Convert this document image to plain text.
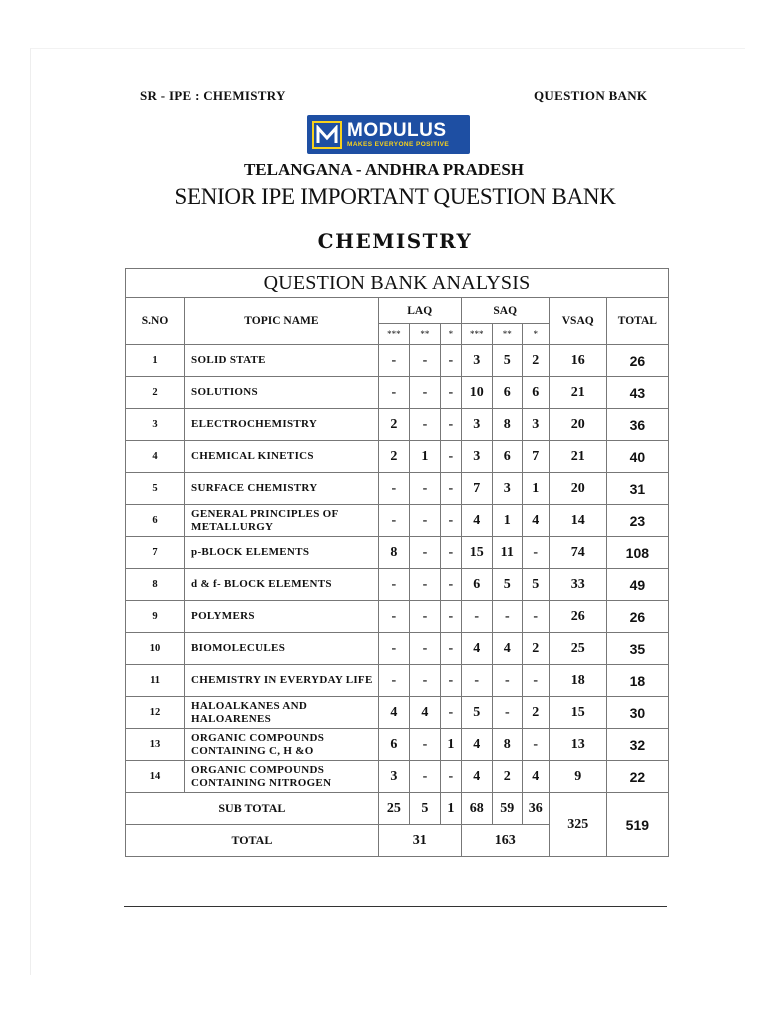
SR - IPE : CHEMISTRY	QUESTION BANK
MODULUS
MAKES EVERYONE POSITIVE
TELANGANA - ANDHRA PRADESH
SENIOR IPE IMPORTANT QUESTION BANK
CHEMISTRY
QUESTION BANK ANALYSIS									
S.NO	TOPIC NAME	LAQ			SAQ			VSAQ	TOTAL
		***	**	*	***	**	*		
1	SOLID STATE	-	-	-	3	5	2	16	26
2	SOLUTIONS	-	-	-	10	6	6	21	43
3	ELECTROCHEMISTRY	2	-	-	3	8	3	20	36
4	CHEMICAL KINETICS	2	1	-	3	6	7	21	40
5	SURFACE CHEMISTRY	-	-	-	7	3	1	20	31
6	GENERAL PRINCIPLES OF METALLURGY	-	-	-	4	1	4	14	23
7	p-BLOCK ELEMENTS	8	-	-	15	11	-	74	108
8	d & f- BLOCK ELEMENTS	-	-	-	6	5	5	33	49
9	POLYMERS	-	-	-	-	-	-	26	26
10	BIOMOLECULES	-	-	-	4	4	2	25	35
11	CHEMISTRY IN EVERYDAY LIFE	-	-	-	-	-	-	18	18
12	HALOALKANES AND HALOARENES	4	4	-	5	-	2	15	30
13	ORGANIC COMPOUNDS CONTAINING C, H &O	6	-	1	4	8	-	13	32
14	ORGANIC COMPOUNDS CONTAINING NITROGEN	3	-	-	4	2	4	9	22
SUB TOTAL		25	5	1	68	59	36	325	519
TOTAL		31			163				
